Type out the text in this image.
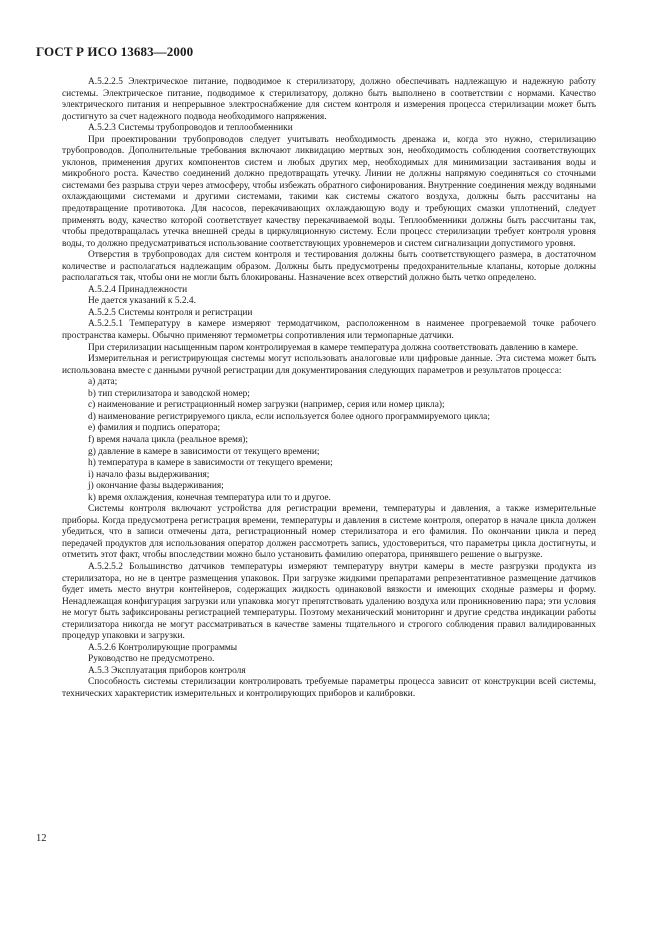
ГОСТ Р ИСО 13683—2000

А.5.2.2.5 Электрическое питание, подводимое к стерилизатору, должно обеспечивать надлежащую и надежную работу системы. Электрическое питание, подводимое к стерилизатору, должно быть выполнено в соответствии с нормами. Качество электрического питания и непрерывное электроснабжение для систем контроля и измерения процесса стерилизации может быть достигнуто за счет надежного подвода необходимого напряжения.

А.5.2.3 Системы трубопроводов и теплообменники

При проектировании трубопроводов следует учитывать необходимость дренажа и, когда это нужно, стерилизацию трубопроводов. Дополнительные требования включают ликвидацию мертвых зон, необходимость соблюдения соответствующих уклонов, применения других компонентов систем и любых других мер, необходимых для минимизации застаивания воды и микробного роста. Качество соединений должно предотвращать утечку. Линии не должны напрямую соединяться со сточными системами без разрыва струи через атмосферу, чтобы избежать обратного сифонирования. Внутренние соединения между водяными охлаждающими системами и другими системами, такими как системы сжатого воздуха, должны быть рассчитаны на предотвращение противотока. Для насосов, перекачивающих охлаждающую воду и требующих смазки уплотнений, следует применять воду, качество которой соответствует качеству перекачиваемой воды. Теплообменники должны быть рассчитаны так, чтобы предотвращалась утечка внешней среды в циркуляционную систему. Если процесс стерилизации требует контроля уровня воды, то должно предусматриваться использование соответствующих уровнемеров и систем сигнализации допустимого уровня.

Отверстия в трубопроводах для систем контроля и тестирования должны быть соответствующего размера, в достаточном количестве и располагаться надлежащим образом. Должны быть предусмотрены предохранительные клапаны, которые должны располагаться так, чтобы они не могли быть блокированы. Назначение всех отверстий должно быть четко определено.

А.5.2.4 Принадлежности

Не дается указаний к 5.2.4.

А.5.2.5 Системы контроля и регистрации

А.5.2.5.1 Температуру в камере измеряют термодатчиком, расположенном в наименее прогреваемой точке рабочего пространства камеры. Обычно применяют термометры сопротивления или термопарные датчики.

При стерилизации насыщенным паром контролируемая в камере температура должна соответствовать давлению в камере.

Измерительная и регистрирующая системы могут использовать аналоговые или цифровые данные. Эта система может быть использована вместе с данными ручной регистрации для документирования следующих параметров и результатов процесса:

a) дата;

b) тип стерилизатора и заводской номер;

c) наименование и регистрационный номер загрузки (например, серия или номер цикла);

d) наименование регистрируемого цикла, если используется более одного программируемого цикла;

e) фамилия и подпись оператора;

f) время начала цикла (реальное время);

g) давление в камере в зависимости от текущего времени;

h) температура в камере в зависимости от текущего времени;

i) начало фазы выдерживания;

j) окончание фазы выдерживания;

k) время охлаждения, конечная температура или то и другое.

Системы контроля включают устройства для регистрации времени, температуры и давления, а также измерительные приборы. Когда предусмотрена регистрация времени, температуры и давления в системе контроля, оператор в начале цикла должен убедиться, что в записи отмечены дата, регистрационный номер стерилизатора и его фамилия. По окончании цикла и перед передачей продуктов для использования оператор должен рассмотреть запись, удостовериться, что параметры цикла достигнуты, и отметить этот факт, чтобы впоследствии можно было установить фамилию оператора, принявшего решение о выгрузке.

А.5.2.5.2 Большинство датчиков температуры измеряют температуру внутри камеры в месте разгрузки продукта из стерилизатора, но не в центре размещения упаковок. При загрузке жидкими препаратами репрезентативное размещение датчиков будет иметь место внутри контейнеров, содержащих жидкость одинаковой вязкости и имеющих сходные размеры и форму. Ненадлежащая конфигурация загрузки или упаковка могут препятствовать удалению воздуха или проникновению пара; эти условия не могут быть зафиксированы регистрацией температуры. Поэтому механический мониторинг и другие средства индикации работы стерилизатора никогда не могут рассматриваться в качестве замены тщательного и строгого соблюдения правил валидированных процедур упаковки и загрузки.

А.5.2.6 Контролирующие программы

Руководство не предусмотрено.

А.5.3 Эксплуатация приборов контроля

Способность системы стерилизации контролировать требуемые параметры процесса зависит от конструкции всей системы, технических характеристик измерительных и контролирующих приборов и калибровки.

12
